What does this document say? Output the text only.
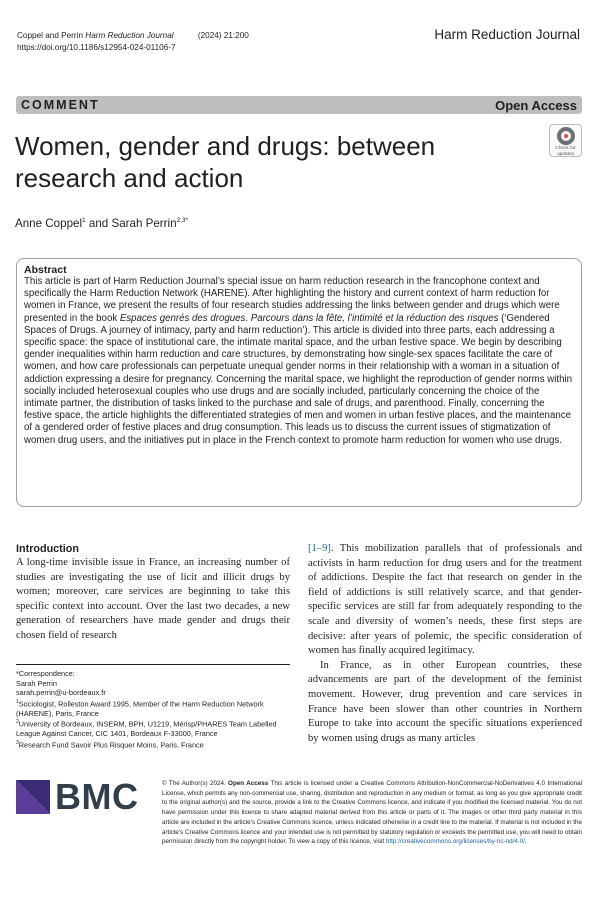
Coppel and Perrin Harm Reduction Journal	(2024) 21:200
https://doi.org/10.1186/s12954-024-01106-7
Harm Reduction Journal
COMMENT	Open Access
Women, gender and drugs: between research and action
Check for
updates
Anne Coppel$^1$ and Sarah Perrin$^{2,3*}$
Abstract

This article is part of Harm Reduction Journal’s special issue on harm reduction research in the francophone context and specifically the Harm Reduction Network (HARENE). After highlighting the history and current context of harm reduction for women in France, we present the results of four research studies addressing the links between gender and drugs which were presented in the book Espaces genrés des drogues. Parcours dans la fête, l’intimité et la réduction des risques (‘Gendered Spaces of Drugs. A journey of intimacy, party and harm reduction’). This article is divided into three parts, each addressing a specific space: the space of institutional care, the intimate marital space, and the urban festive space. We begin by describing gender inequalities within harm reduction and care structures, by demonstrating how single-sex spaces facilitate the care of women, and how care professionals can perpetuate unequal gender norms in their relationship with a woman in a situation of addiction expressing a desire for pregnancy. Concerning the marital space, we highlight the reproduction of gender norms within socially included heterosexual couples who use drugs and are socially included, particularly concerning the choice of the intimate partner, the distribution of tasks linked to the purchase and sale of drugs, and parenthood. Finally, concerning the festive space, the article highlights the differentiated strategies of men and women in urban festive places, and the maintenance of a gendered order of festive places and drug consumption. This leads us to discuss the current issues of stigmatization of women drug users, and the initiatives put in place in the French context to promote harm reduction for women who use drugs.

Introduction

A long-time invisible issue in France, an increasing number of studies are investigating the use of licit and illicit drugs by women; moreover, care services are beginning to take this specific context into account. Over the last two decades, a new generation of researchers have made gender and drugs their chosen field of research

[1–9]. This mobilization parallels that of professionals and activists in harm reduction for drug users and for the treatment of addictions. Despite the fact that research on gender in the field of addictions is still relatively scarce, and that gender-specific services are still far from adequately responding to the scale and diversity of women’s needs, these first steps are decisive: after years of polemic, the specific consideration of women has finally acquired legitimacy.

In France, as in other European countries, these advancements are part of the development of the feminist movement. However, drug prevention and care services in France have been slower than other countries in Northern Europe to take into account the specific situations experienced by women using drugs as many articles

*Correspondence:
Sarah Perrin
sarah.perrin@u-bordeaux.fr
$^1$Sociologist, Rolleston Award 1995, Member of the Harm Reduction Network (HARENE), Paris, France
$^2$University of Bordeaux, INSERM, BPH, U1219, Mérisp/PHARES Team Labelled League Against Cancer, CIC 1401, Bordeaux F-33000, France
$^3$Research Fund Savoir Plus Risquer Moins, Paris, France
BMC	© The Author(s) 2024. Open Access This article is licensed under a Creative Commons Attribution-NonCommercial-NoDerivatives 4.0 International License, which permits any non-commercial use, sharing, distribution and reproduction in any medium or format, as long as you give appropriate credit to the original author(s) and the source, provide a link to the Creative Commons licence, and indicate if you modified the licensed material. You do not have permission under this licence to share adapted material derived from this article or parts of it. The images or other third party material in this article are included in the article’s Creative Commons licence, unless indicated otherwise in a credit line to the material. If material is not included in the article’s Creative Commons licence and your intended use is not permitted by statutory regulation or exceeds the permitted use, you will need to obtain permission directly from the copyright holder. To view a copy of this licence, visit http://creativecommons.org/licenses/by-nc-nd/4.0/.
